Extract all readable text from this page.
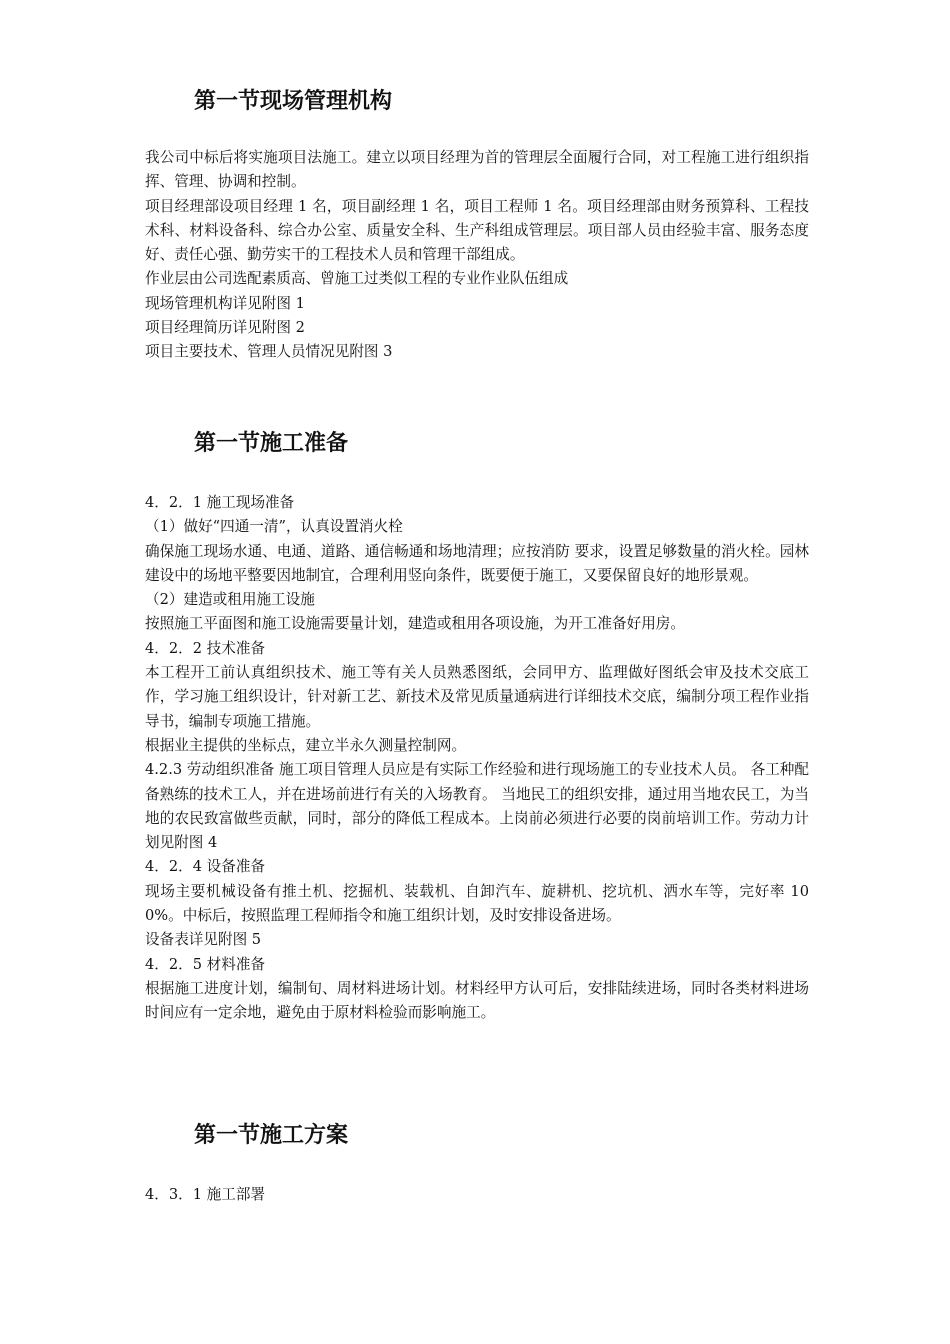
第一节现场管理机构

我公司中标后将实施项目法施工。建立以项目经理为首的管理层全面履行合同，对工程施工进行组织指挥、管理、协调和控制。

项目经理部设项目经理 1 名，项目副经理 1 名，项目工程师 1 名。项目经理部由财务预算科、工程技术科、材料设备科、综合办公室、质量安全科、生产科组成管理层。项目部人员由经验丰富、服务态度好、责任心强、勤劳实干的工程技术人员和管理干部组成。

作业层由公司选配素质高、曾施工过类似工程的专业作业队伍组成

现场管理机构详见附图 1

项目经理简历详见附图 2

项目主要技术、管理人员情况见附图 3

第一节施工准备

4．2．1 施工现场准备

（1）做好“四通一清”，认真设置消火栓

确保施工现场水通、电通、道路、通信畅通和场地清理；应按消防 要求，设置足够数量的消火栓。园林建设中的场地平整要因地制宜，合理利用竖向条件，既要便于施工，又要保留良好的地形景观。

（2）建造或租用施工设施

按照施工平面图和施工设施需要量计划，建造或租用各项设施，为开工准备好用房。

4．2．2 技术准备

本工程开工前认真组织技术、施工等有关人员熟悉图纸，会同甲方、监理做好图纸会审及技术交底工作，学习施工组织设计，针对新工艺、新技术及常见质量通病进行详细技术交底，编制分项工程作业指导书，编制专项施工措施。

根据业主提供的坐标点，建立半永久测量控制网。

4.2.3 劳动组织准备 施工项目管理人员应是有实际工作经验和进行现场施工的专业技术人员。 各工种配备熟练的技术工人，并在进场前进行有关的入场教育。 当地民工的组织安排，通过用当地农民工，为当地的农民致富做些贡献，同时，部分的降低工程成本。上岗前必须进行必要的岗前培训工作。劳动力计划见附图 4

4．2．4 设备准备

现场主要机械设备有推土机、挖掘机、装载机、自卸汽车、旋耕机、挖坑机、洒水车等，完好率 100%。中标后，按照监理工程师指令和施工组织计划，及时安排设备进场。

设备表详见附图 5

4．2．5 材料准备

根据施工进度计划，编制旬、周材料进场计划。材料经甲方认可后，安排陆续进场，同时各类材料进场时间应有一定余地，避免由于原材料检验而影响施工。

第一节施工方案

4．3．1 施工部署
